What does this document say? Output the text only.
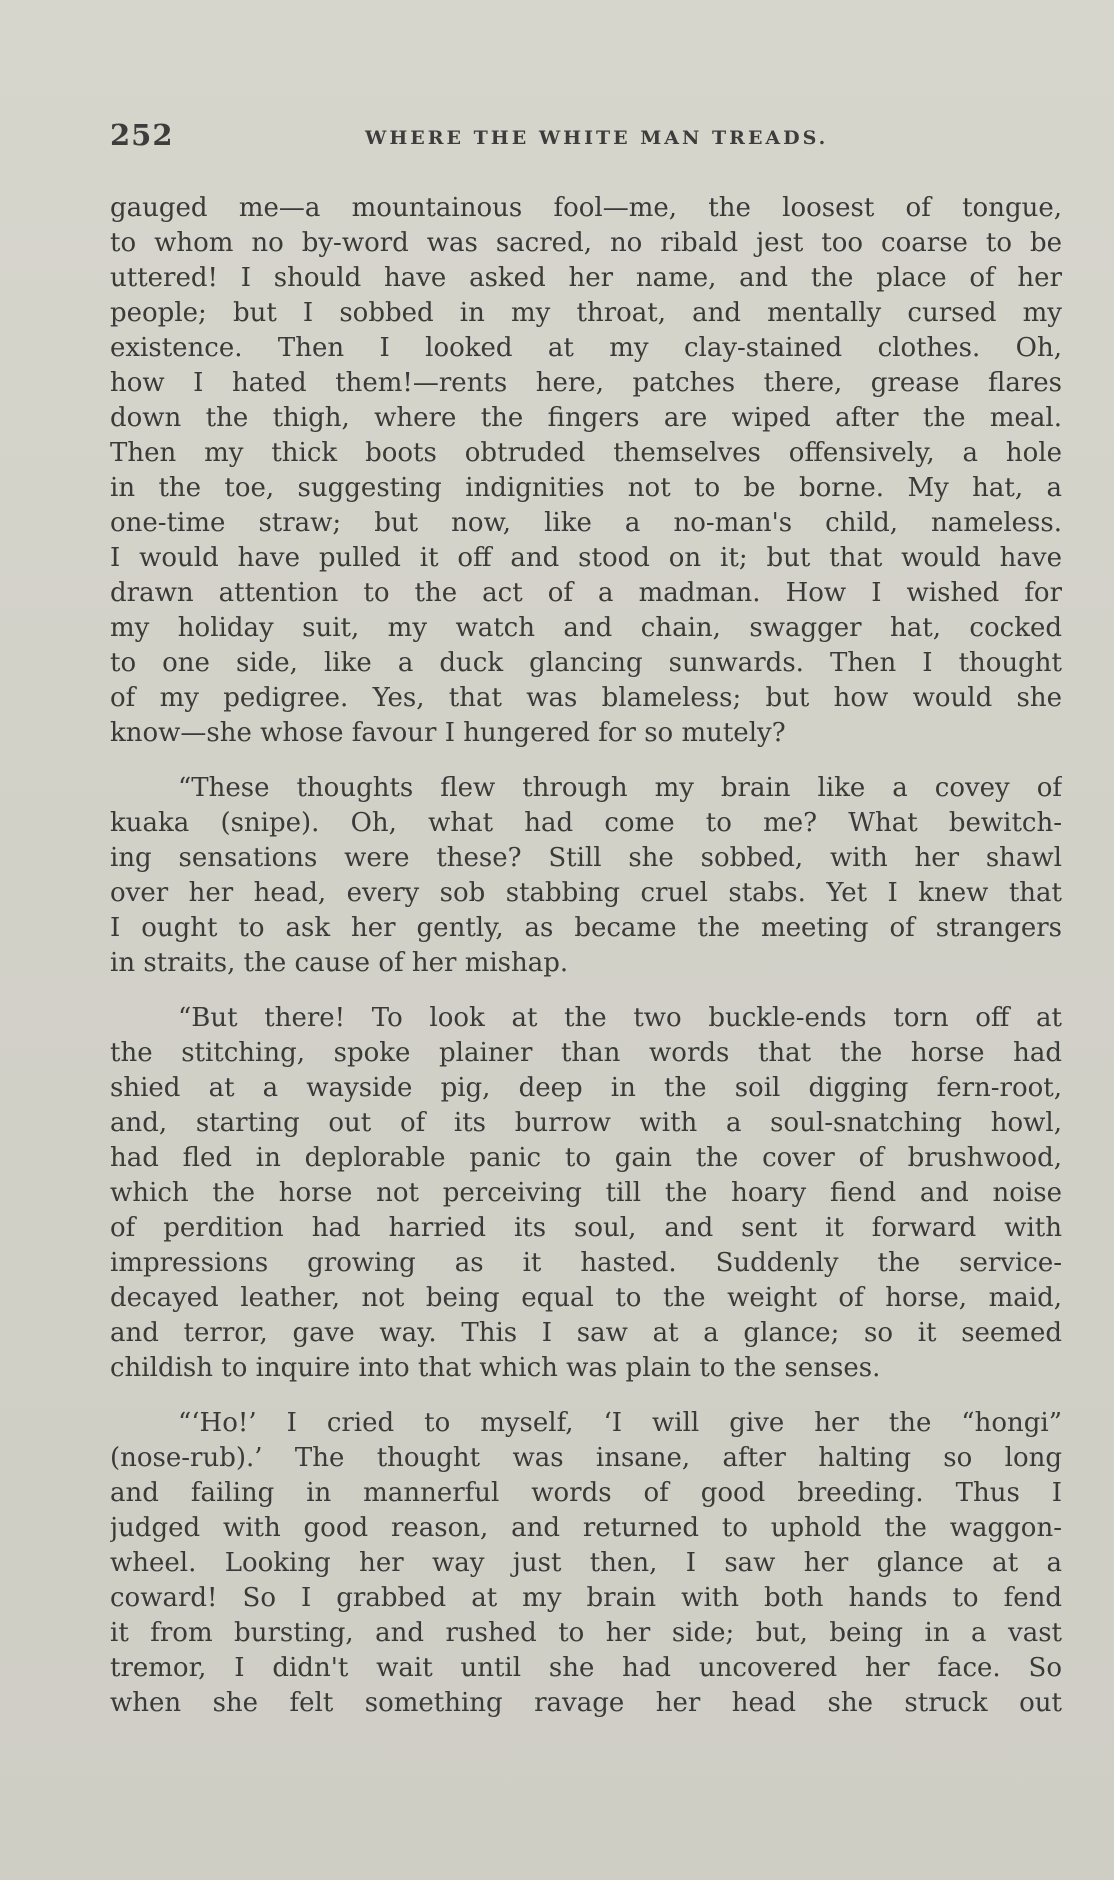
252	WHERE THE WHITE MAN TREADS.
gauged me—a mountainous fool—me, the loosest of tongue,
to whom no by-word was sacred, no ribald jest too coarse to be
uttered! I should have asked her name, and the place of her
people; but I sobbed in my throat, and mentally cursed my
existence. Then I looked at my clay-stained clothes. Oh,
how I hated them!—rents here, patches there, grease flares
down the thigh, where the fingers are wiped after the meal.
Then my thick boots obtruded themselves offensively, a hole
in the toe, suggesting indignities not to be borne. My hat, a
one-time straw; but now, like a no-man's child, nameless.
I would have pulled it off and stood on it; but that would have
drawn attention to the act of a madman. How I wished for
my holiday suit, my watch and chain, swagger hat, cocked
to one side, like a duck glancing sunwards. Then I thought
of my pedigree. Yes, that was blameless; but how would she
know—she whose favour I hungered for so mutely?
“These thoughts flew through my brain like a covey of
kuaka (snipe). Oh, what had come to me? What bewitch-
ing sensations were these? Still she sobbed, with her shawl
over her head, every sob stabbing cruel stabs. Yet I knew that
I ought to ask her gently, as became the meeting of strangers
in straits, the cause of her mishap.
“But there! To look at the two buckle-ends torn off at
the stitching, spoke plainer than words that the horse had
shied at a wayside pig, deep in the soil digging fern-root,
and, starting out of its burrow with a soul-snatching howl,
had fled in deplorable panic to gain the cover of brushwood,
which the horse not perceiving till the hoary fiend and noise
of perdition had harried its soul, and sent it forward with
impressions growing as it hasted. Suddenly the service-
decayed leather, not being equal to the weight of horse, maid,
and terror, gave way. This I saw at a glance; so it seemed
childish to inquire into that which was plain to the senses.
“‘Ho!’ I cried to myself, ‘I will give her the “hongi”
(nose-rub).’ The thought was insane, after halting so long
and failing in mannerful words of good breeding. Thus I
judged with good reason, and returned to uphold the waggon-
wheel. Looking her way just then, I saw her glance at a
coward! So I grabbed at my brain with both hands to fend
it from bursting, and rushed to her side; but, being in a vast
tremor, I didn't wait until she had uncovered her face. So
when she felt something ravage her head she struck out
